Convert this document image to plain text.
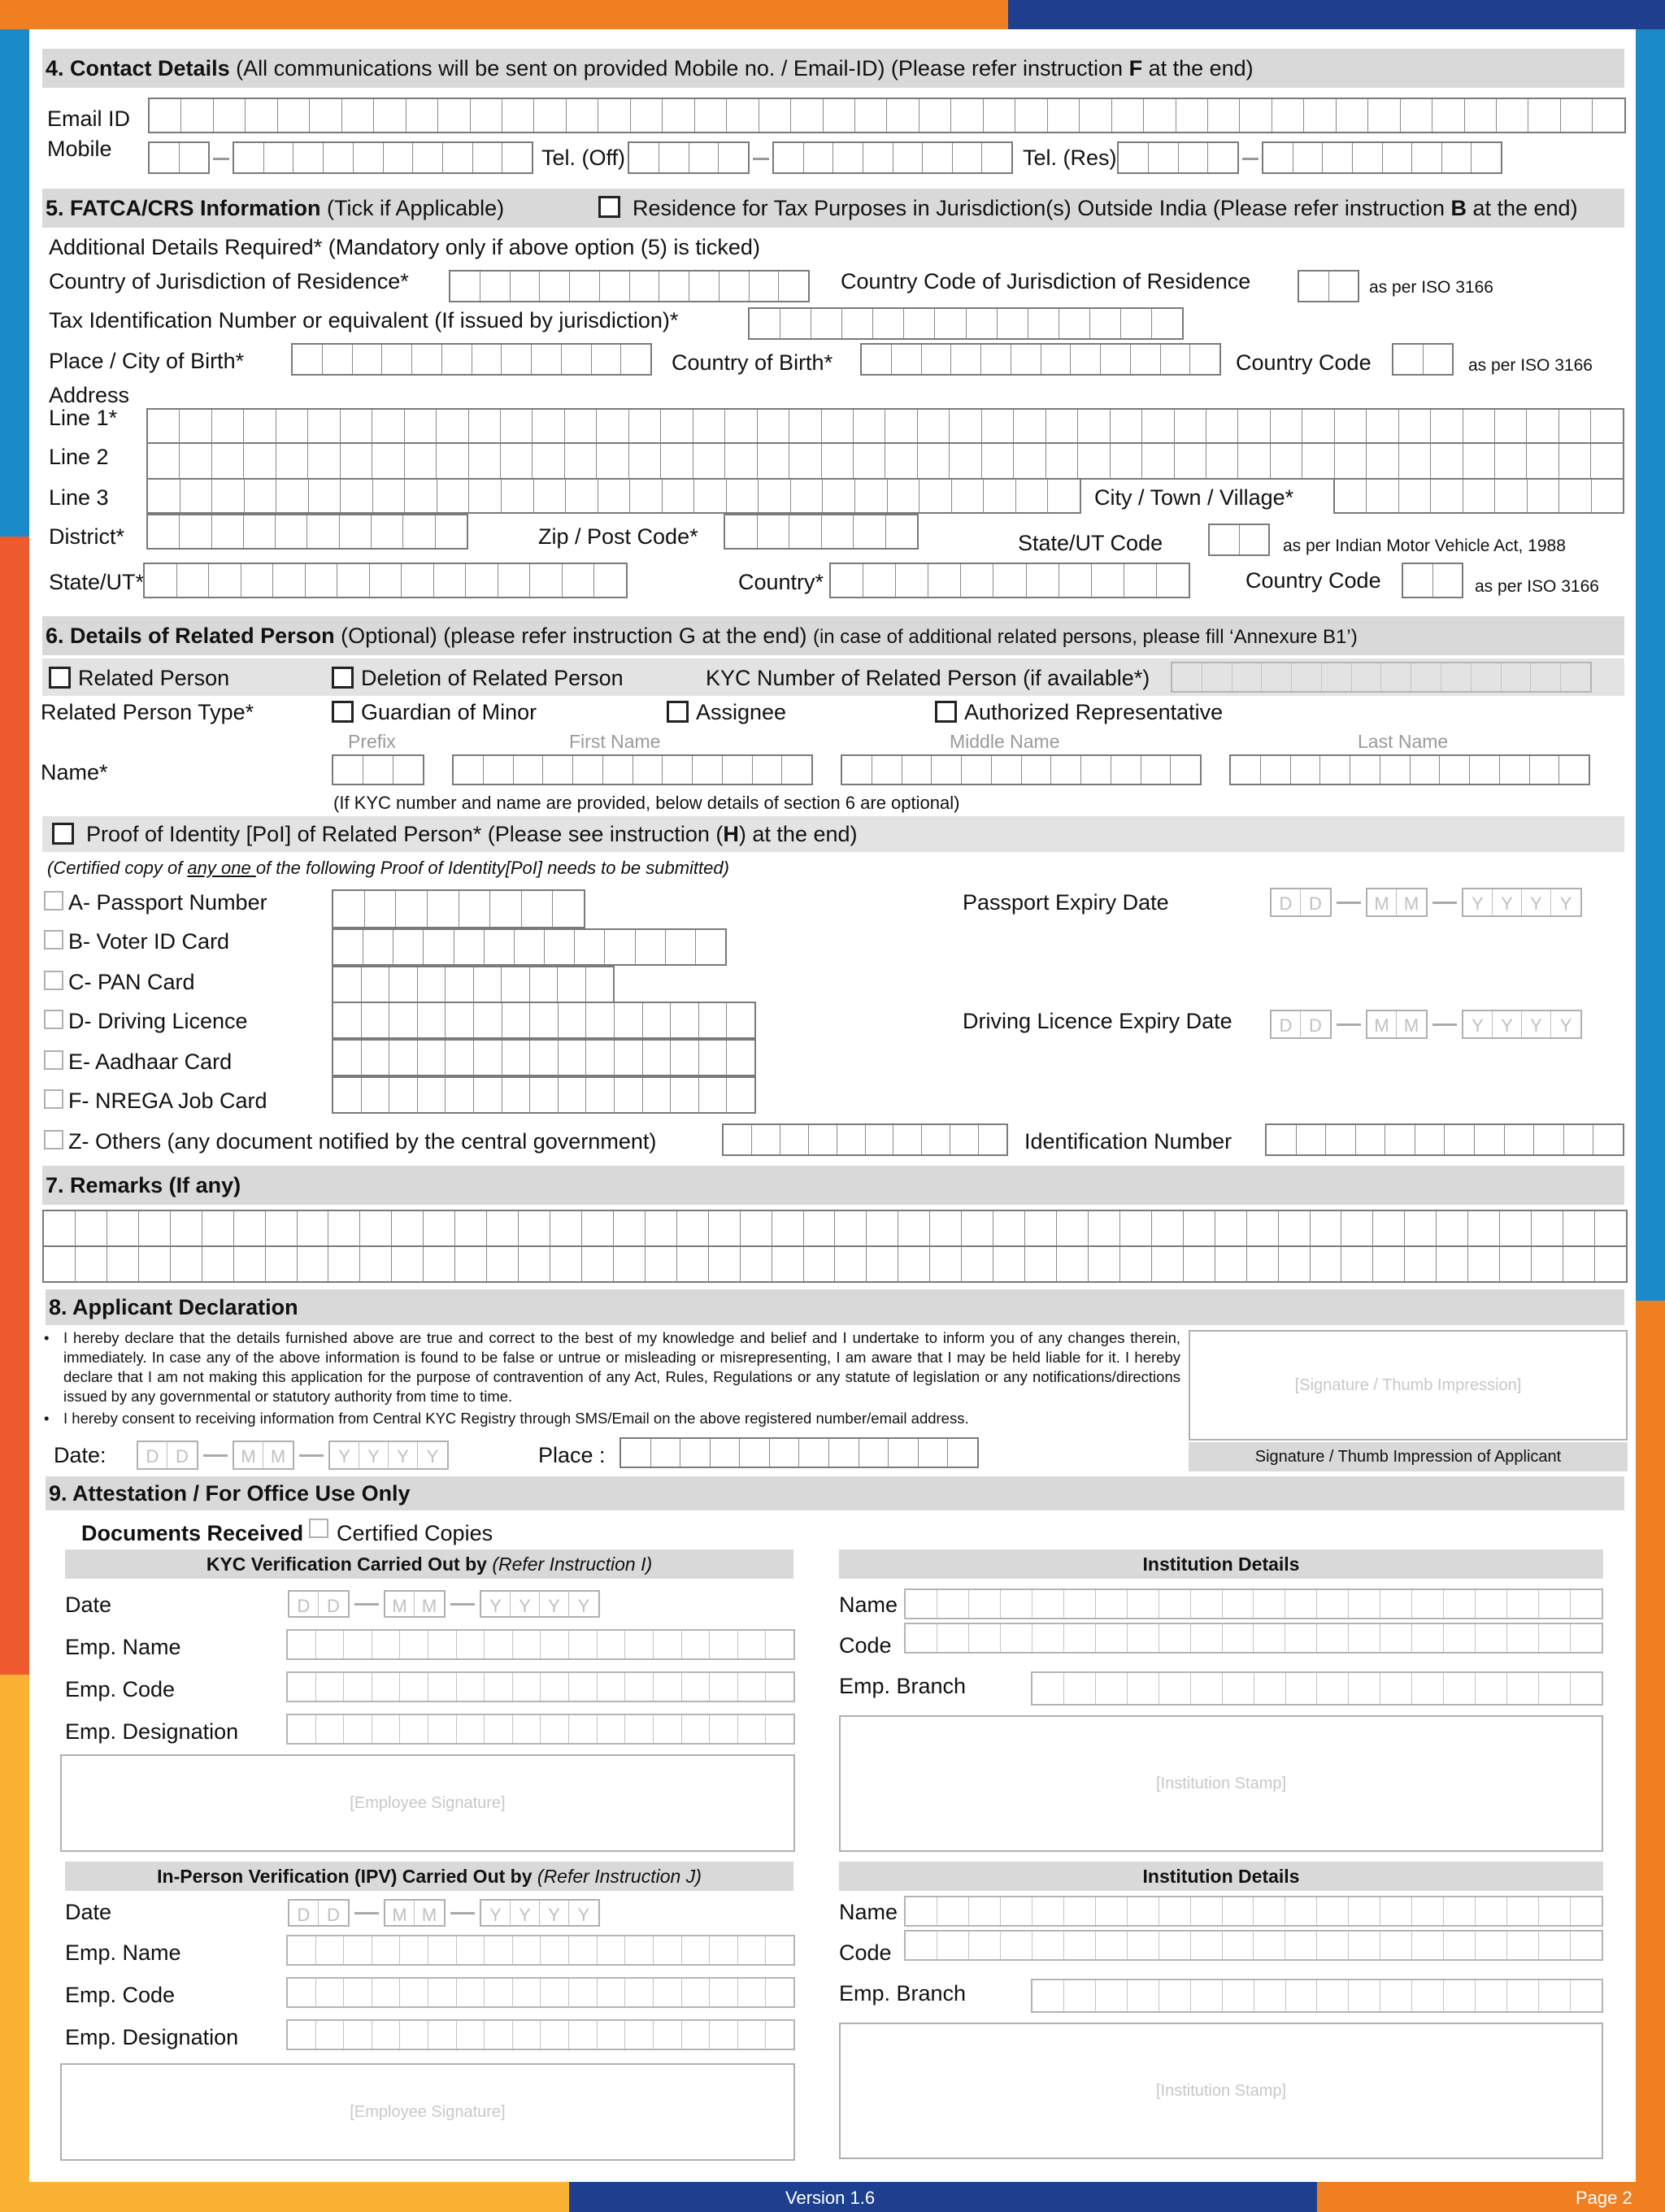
4. Contact Details (All communications will be sent on provided Mobile no. / Email-ID) (Please refer instruction F at the end)
Email ID
Mobile	Tel. (Off)	Tel. (Res)
5. FATCA/CRS Information (Tick if Applicable)	Residence for Tax Purposes in Jurisdiction(s) Outside India (Please refer instruction B at the end)
Additional Details Required* (Mandatory only if above option (5) is ticked)
Country of Jurisdiction of Residence*	Country Code of Jurisdiction of Residence	as per ISO 3166
Tax Identification Number or equivalent (If issued by jurisdiction)*
Place / City of Birth*	Country of Birth*	Country Code	as per ISO 3166
Address
Line 1*
Line 2
Line 3	City / Town / Village*
District*	Zip / Post Code*	State/UT Code	as per Indian Motor Vehicle Act, 1988
State/UT*	Country*	Country Code	as per ISO 3166
6. Details of Related Person (Optional) (please refer instruction G at the end) (in case of additional related persons, please fill ‘Annexure B1’)
Related Person	Deletion of Related Person	KYC Number of Related Person (if available*)
Related Person Type*	Guardian of Minor	Assignee	Authorized Representative
Prefix	First Name	Middle Name	Last Name
Name*
(If KYC number and name are provided, below details of section 6 are optional)
Proof of Identity [PoI] of Related Person* (Please see instruction (H) at the end)
(Certified copy of any one of the following Proof of Identity[PoI] needs to be submitted)
A- Passport Number	Passport Expiry Date	D D	M M	Y Y Y Y
B- Voter ID Card
C- PAN Card
D- Driving Licence	Driving Licence Expiry Date	D D	M M	Y Y Y Y
E- Aadhaar Card
F- NREGA Job Card
Z- Others (any document notified by the central government)	Identification Number
7. Remarks (If any)
8. Applicant Declaration

• I hereby declare that the details furnished above are true and correct to the best of my knowledge and belief and I undertake to inform you of any changes therein, immediately. In case any of the above information is found to be false or untrue or misleading or misrepresenting, I am aware that I may be held liable for it. I hereby declare that I am not making this application for the purpose of contravention of any Act, Rules, Regulations or any statute of legislation or any notifications/directions issued by any governmental or statutory authority from time to time.

• I hereby consent to receiving information from Central KYC Registry through SMS/Email on the above registered number/email address.

[Signature / Thumb Impression]
Signature / Thumb Impression of Applicant
Date:	D D	M M	Y Y Y Y	Place :
9. Attestation / For Office Use Only
Documents Received Certified Copies
KYC Verification Carried Out by (Refer Instruction I)	Institution Details
Date	D D	M M	Y Y Y Y
Emp. Name
Emp. Code
Emp. Designation
[Employee Signature]
Name
Code
Emp. Branch
[Institution Stamp]
In-Person Verification (IPV) Carried Out by (Refer Instruction J)	Institution Details
Date	D D	M M	Y Y Y Y
Emp. Name
Emp. Code
Emp. Designation
[Employee Signature]
Name
Code
Emp. Branch
[Institution Stamp]
Version 1.6	Page 2
